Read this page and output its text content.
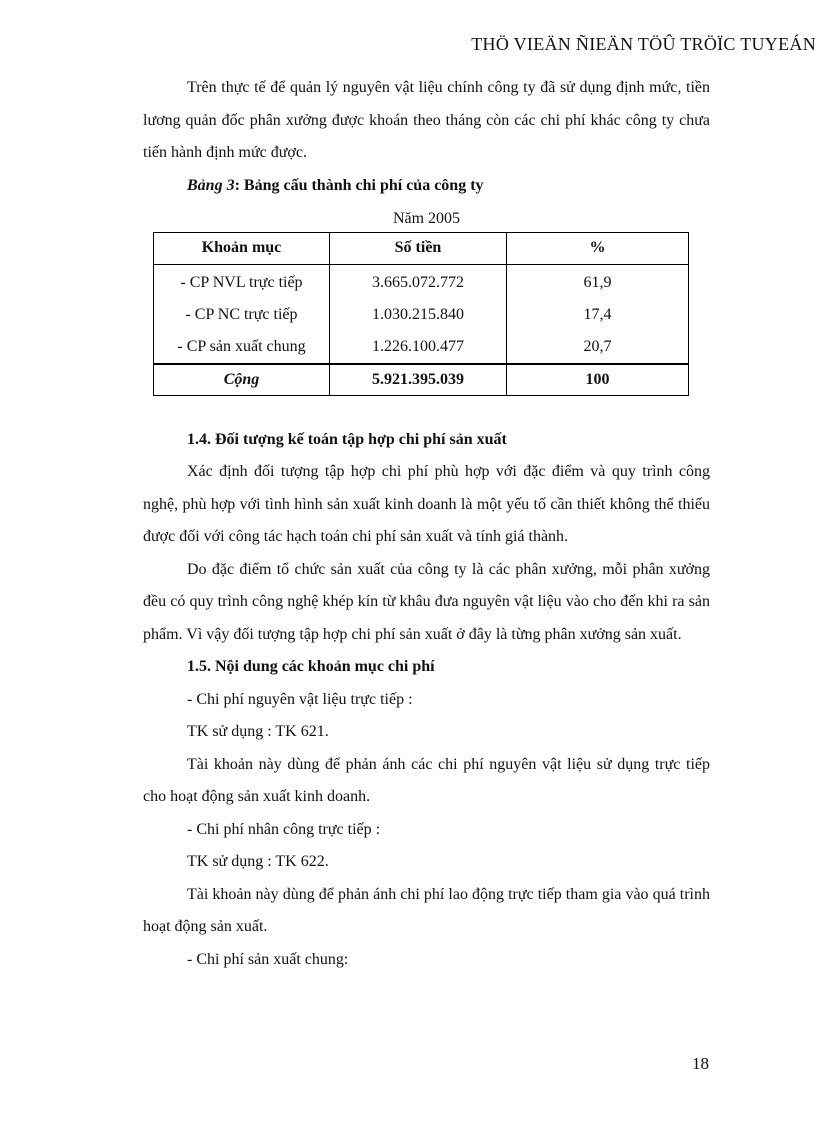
THÖ VIEÄN ÑIEÄN TÖÛ TRÖÏC TUYEÁN

Trên thực tế để quản lý nguyên vật liệu chính công ty đã sử dụng định mức, tiền lương quản đốc phân xưởng được khoán theo tháng còn các chi phí khác công ty chưa tiến hành định mức được.

Bảng 3: Bảng cấu thành chi phí của công ty

Năm 2005

Khoản mục	Số tiền	%
- CP NVL trực tiếp	3.665.072.772	61,9
- CP NC trực tiếp	1.030.215.840	17,4
- CP sản xuất chung	1.226.100.477	20,7
Cộng	5.921.395.039	100

1.4. Đối tượng kế toán tập hợp chi phí sản xuất

Xác định đối tượng tập hợp chi phí phù hợp với đặc điểm và quy trình công nghệ, phù hợp với tình hình sản xuất kinh doanh là một yếu tố cần thiết không thể thiếu được đối với công tác hạch toán chi phí sản xuất và tính giá thành.

Do đặc điểm tổ chức sản xuất của công ty là các phân xưởng, mỗi phân xưởng đều có quy trình công nghệ khép kín từ khâu đưa nguyên vật liệu vào cho đến khi ra sản phẩm. Vì vậy đối tượng tập hợp chi phí sản xuất ở đây là từng phân xưởng sản xuất.

1.5. Nội dung các khoản mục chi phí

- Chi phí nguyên vật liệu trực tiếp :

TK sử dụng : TK 621.

Tài khoản này dùng để phản ánh các chi phí nguyên vật liệu sử dụng trực tiếp cho hoạt động sản xuất kinh doanh.

- Chi phí nhân công trực tiếp :

TK sử dụng : TK 622.

Tài khoản này dùng để phản ánh chi phí lao động trực tiếp tham gia vào quá trình hoạt động sản xuất.

- Chi phí sản xuất chung:

18
